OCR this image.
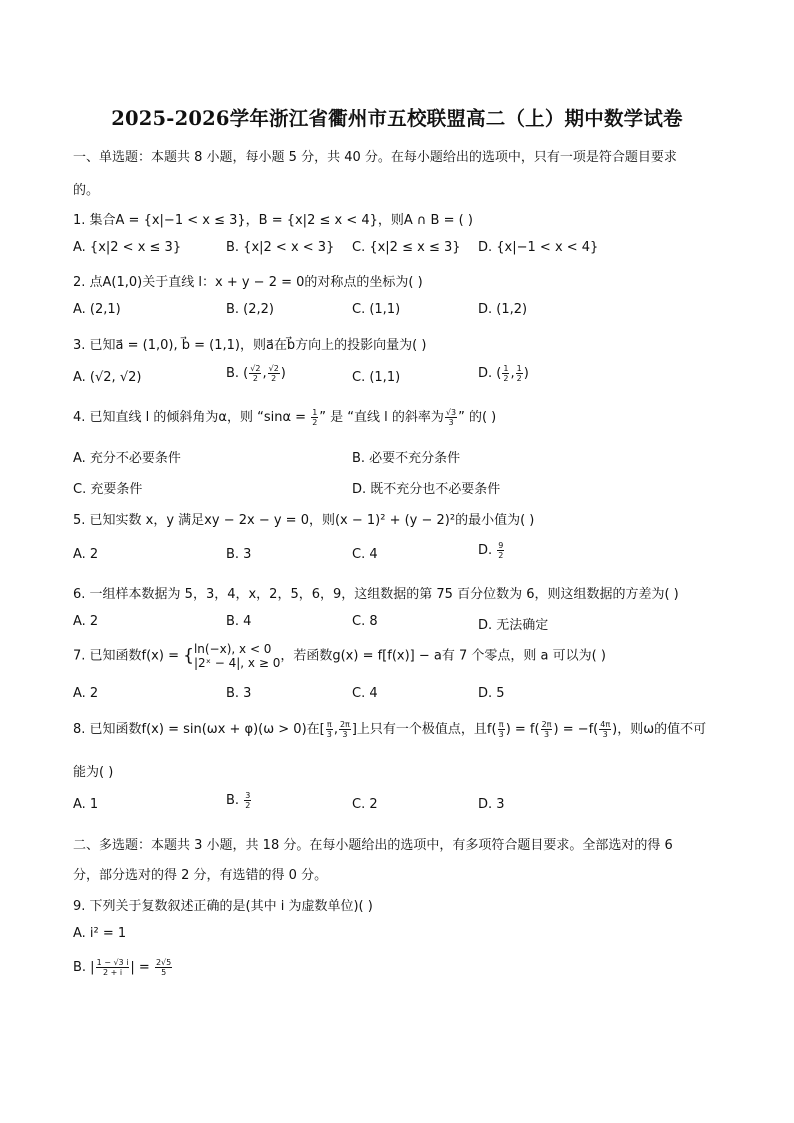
2025-2026学年浙江省衢州市五校联盟高二（上）期中数学试卷
一、单选题：本题共 8 小题，每小题 5 分，共 40 分。在每小题给出的选项中，只有一项是符合题目要求
的。
1. 集合A = {x|−1 < x ≤ 3}，B = {x|2 ≤ x < 4}，则A ∩ B = ( )
A. {x|2 < x ≤ 3}	B. {x|2 < x < 3} C. {x|2 ≤ x ≤ 3} D. {x|−1 < x < 4}
2. 点A(1,0)关于直线 l：x + y − 2 = 0的对称点的坐标为( )
A. (2,1)	B. (2,2)	C. (1,1)	D. (1,2)
3. 已知a⃗ = (1,0), b⃗ = (1,1)，则a⃗在b⃗方向上的投影向量为( )
A. (√2, √2)	B. ( $\frac{√2}{2}$ , $\frac{√2}{2}$ )	C. (1,1)	D. ( $\frac{1}{2}$ , $\frac{1}{2}$ )
4. 已知直线 l 的倾斜角为α，则 “$\sin\alpha = \frac{1}{2}$ ” 是 “直线 l 的斜率为 $\frac{√3}{3}$ ” 的( )
A. 充分不必要条件	B. 必要不充分条件
C. 充要条件	D. 既不充分也不必要条件
5. 已知实数 x，y 满足xy − 2x − y = 0，则(x − 1)² + (y − 2)²的最小值为( )
A. 2	B. 3	C. 4	D. $\frac{9}{2}$
6. 一组样本数据为 5，3，4，x，2，5，6，9，这组数据的第 75 百分位数为 6，则这组数据的方差为( )
A. 2	B. 4	C. 8	D. 无法确定
7. 已知函数f(x) = { ln(−x), x < 0
|2ˣ − 4|, x ≥ 0 ，若函数g(x) = f[f(x)] − a有 7 个零点，则 a 可以为( )
A. 2	B. 3	C. 4	D. 5
8. 已知函数f(x) = sin(ωx + φ)(ω > 0)在[ $\frac{\pi}{3}$ , $\frac{2\pi}{3}$ ]上只有一个极值点，且$f( \frac{\pi}{3}$ ) = $f( \frac{2\pi}{3}$ ) = $-f( \frac{4\pi}{3}$ )，则ω的值不可
能为( )
A. 1	B. $\frac{3}{2}$	C. 2	D. 3
二、多选题：本题共 3 小题，共 18 分。在每小题给出的选项中，有多项符合题目要求。全部选对的得 6
分，部分选对的得 2 分，有选错的得 0 分。
9. 下列关于复数叙述正确的是(其中 i 为虚数单位)( )
A. i² = 1
B. | $\frac{1 - √3 i}{2 + i}$ | = $\frac{2√5}{5}$
